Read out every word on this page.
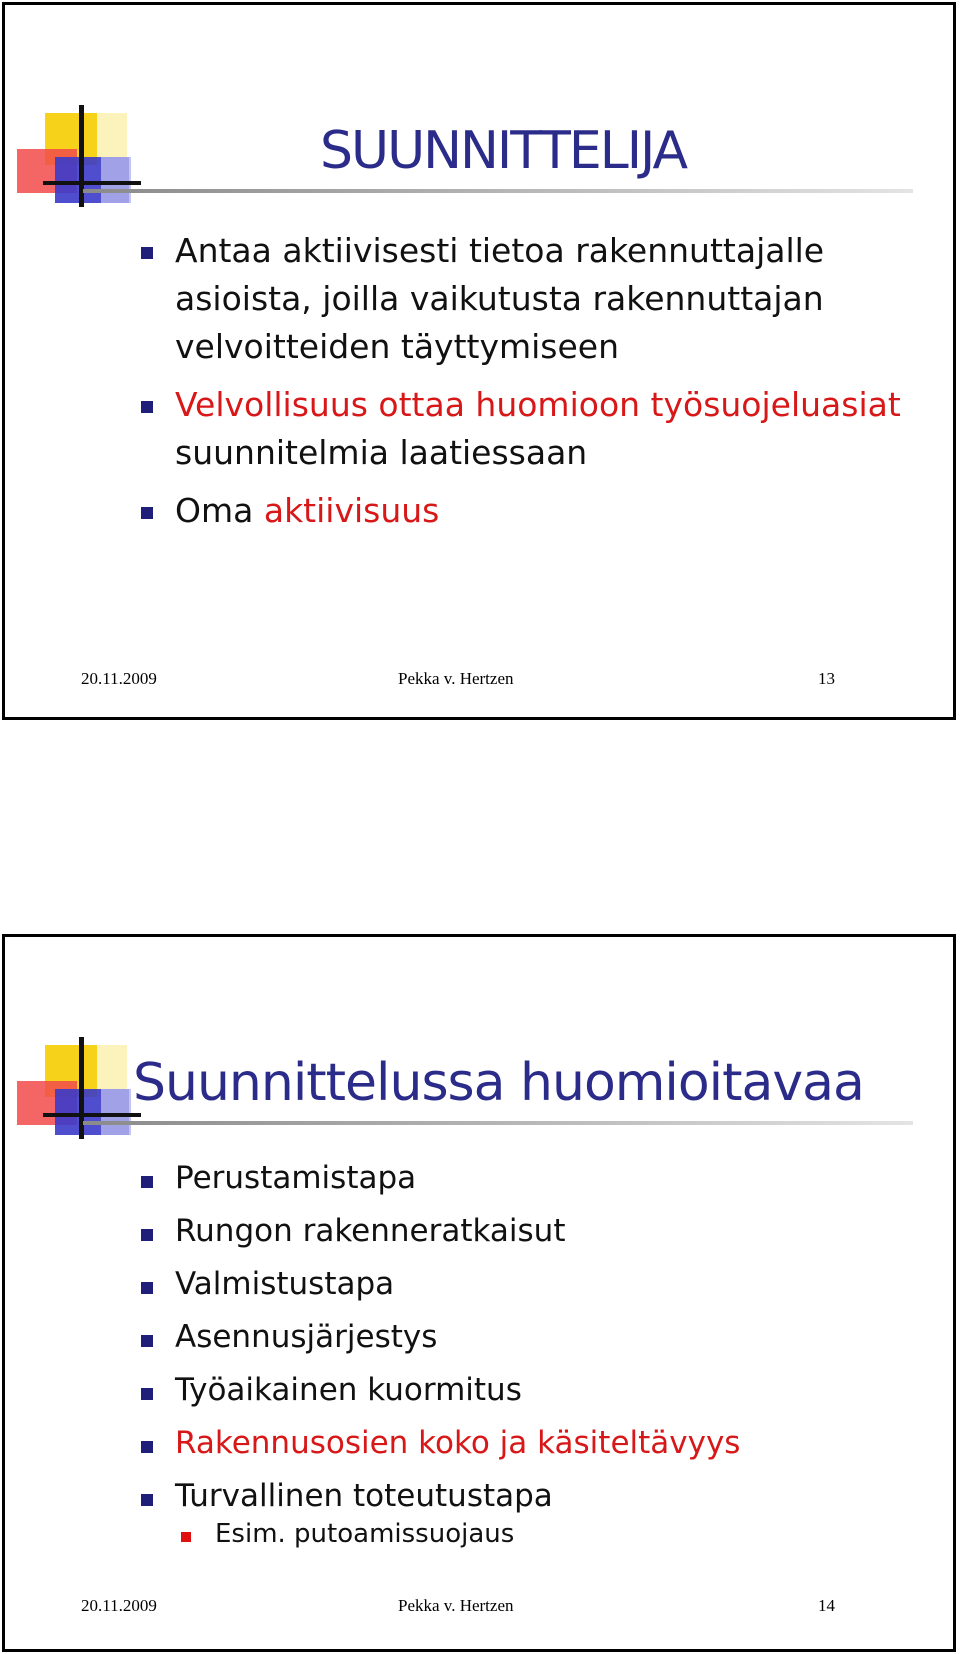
SUUNNITTELIJA
Antaa aktiivisesti tietoa rakennuttajalle asioista, joilla vaikutusta rakennuttajan velvoitteiden täyttymiseen
Velvollisuus ottaa huomioon työsuojeluasiat suunnitelmia laatiessaan
Oma aktiivisuus
20.11.2009	Pekka v. Hertzen	13
Suunnittelussa huomioitavaa
Perustamistapa
Rungon rakenneratkaisut
Valmistustapa
Asennusjärjestys
Työaikainen kuormitus
Rakennusosien koko ja käsiteltävyys
Turvallinen toteutustapa
Esim. putoamissuojaus
20.11.2009	Pekka v. Hertzen	14
